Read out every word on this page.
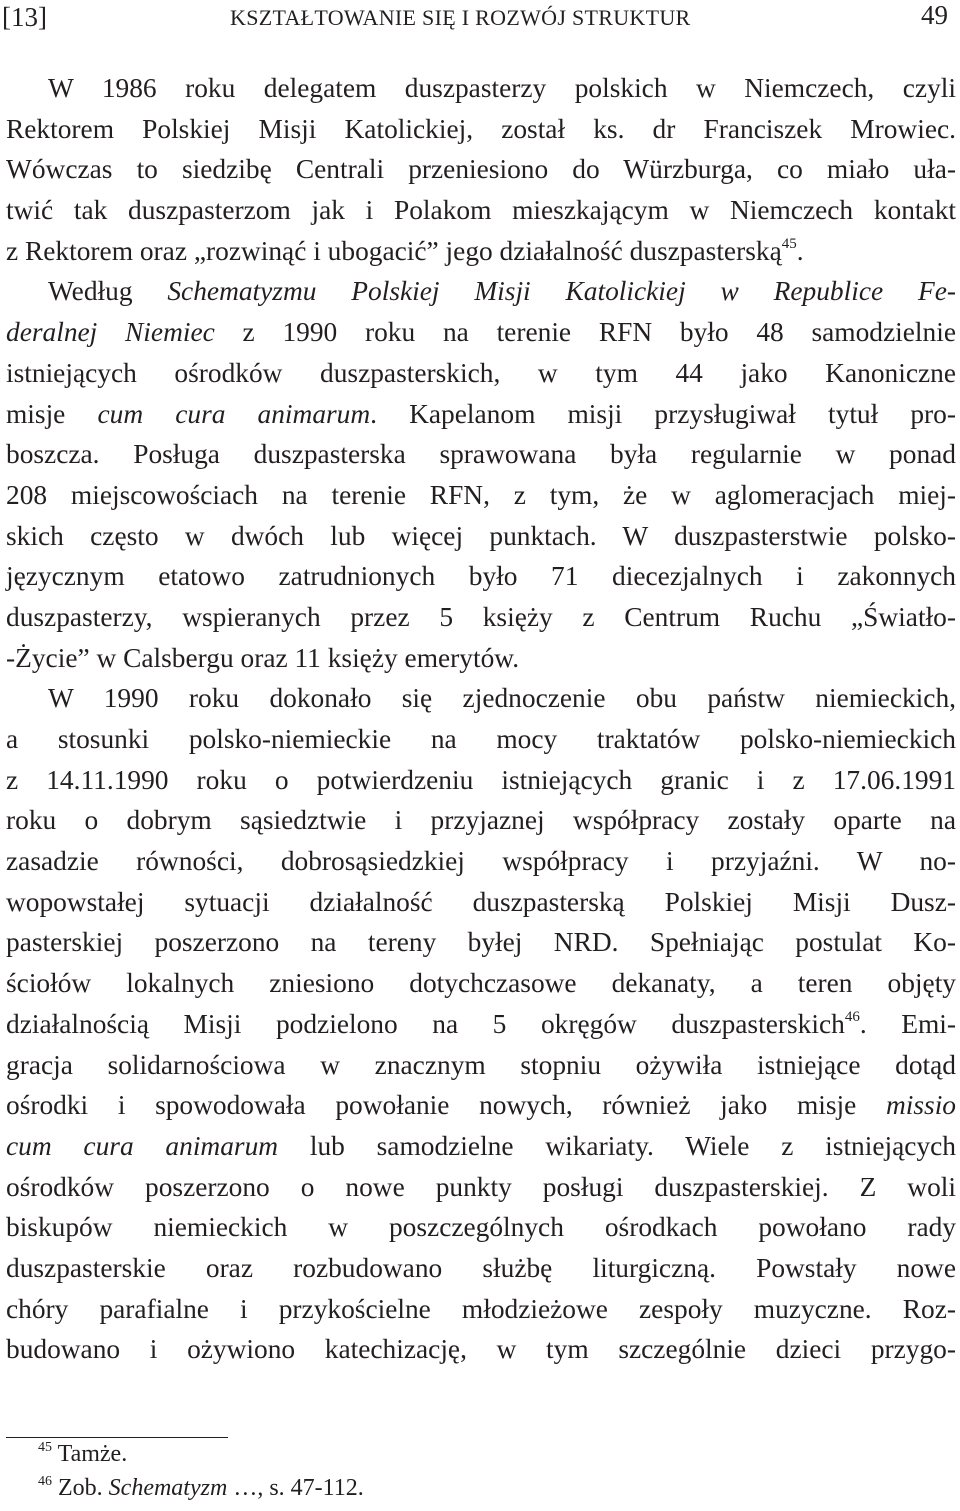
[13]	KSZTAŁTOWANIE SIĘ I ROZWÓJ STRUKTUR	49
W 1986 roku delegatem duszpasterzy polskich w Niemczech, czyli
Rektorem Polskiej Misji Katolickiej, został ks. dr Franciszek Mrowiec.
Wówczas to siedzibę Centrali przeniesiono do Würzburga, co miało uła-
twić tak duszpasterzom jak i Polakom mieszkającym w Niemczech kontakt
z Rektorem oraz „rozwinąć i ubogacić” jego działalność duszpasterską$^{45}$.
Według Schematyzmu Polskiej Misji Katolickiej w Republice Fe-
deralnej Niemiec z 1990 roku na terenie RFN było 48 samodzielnie
istniejących ośrodków duszpasterskich, w tym 44 jako Kanoniczne
misje cum cura animarum. Kapelanom misji przysługiwał tytuł pro-
boszcza. Posługa duszpasterska sprawowana była regularnie w ponad
208 miejscowościach na terenie RFN, z tym, że w aglomeracjach miej-
skich często w dwóch lub więcej punktach. W duszpasterstwie polsko-
języcznym etatowo zatrudnionych było 71 diecezjalnych i zakonnych
duszpasterzy, wspieranych przez 5 księży z Centrum Ruchu „Światło-
-Życie” w Calsbergu oraz 11 księży emerytów.
W 1990 roku dokonało się zjednoczenie obu państw niemieckich,
a stosunki polsko-niemieckie na mocy traktatów polsko-niemieckich
z 14.11.1990 roku o potwierdzeniu istniejących granic i z 17.06.1991
roku o dobrym sąsiedztwie i przyjaznej współpracy zostały oparte na
zasadzie równości, dobrosąsiedzkiej współpracy i przyjaźni. W no-
wopowstałej sytuacji działalność duszpasterską Polskiej Misji Dusz-
pasterskiej poszerzono na tereny byłej NRD. Spełniając postulat Ko-
ściołów lokalnych zniesiono dotychczasowe dekanaty, a teren objęty
działalnością Misji podzielono na 5 okręgów duszpasterskich$^{46}$. Emi-
gracja solidarnościowa w znacznym stopniu ożywiła istniejące dotąd
ośrodki i spowodowała powołanie nowych, również jako misje missio
cum cura animarum lub samodzielne wikariaty. Wiele z istniejących
ośrodków poszerzono o nowe punkty posługi duszpasterskiej. Z woli
biskupów niemieckich w poszczególnych ośrodkach powołano rady
duszpasterskie oraz rozbudowano służbę liturgiczną. Powstały nowe
chóry parafialne i przykościelne młodzieżowe zespoły muzyczne. Roz-
budowano i ożywiono katechizację, w tym szczególnie dzieci przygo-
$^{45}$ Tamże.
$^{46}$ Zob. Schematyzm …, s. 47-112.
